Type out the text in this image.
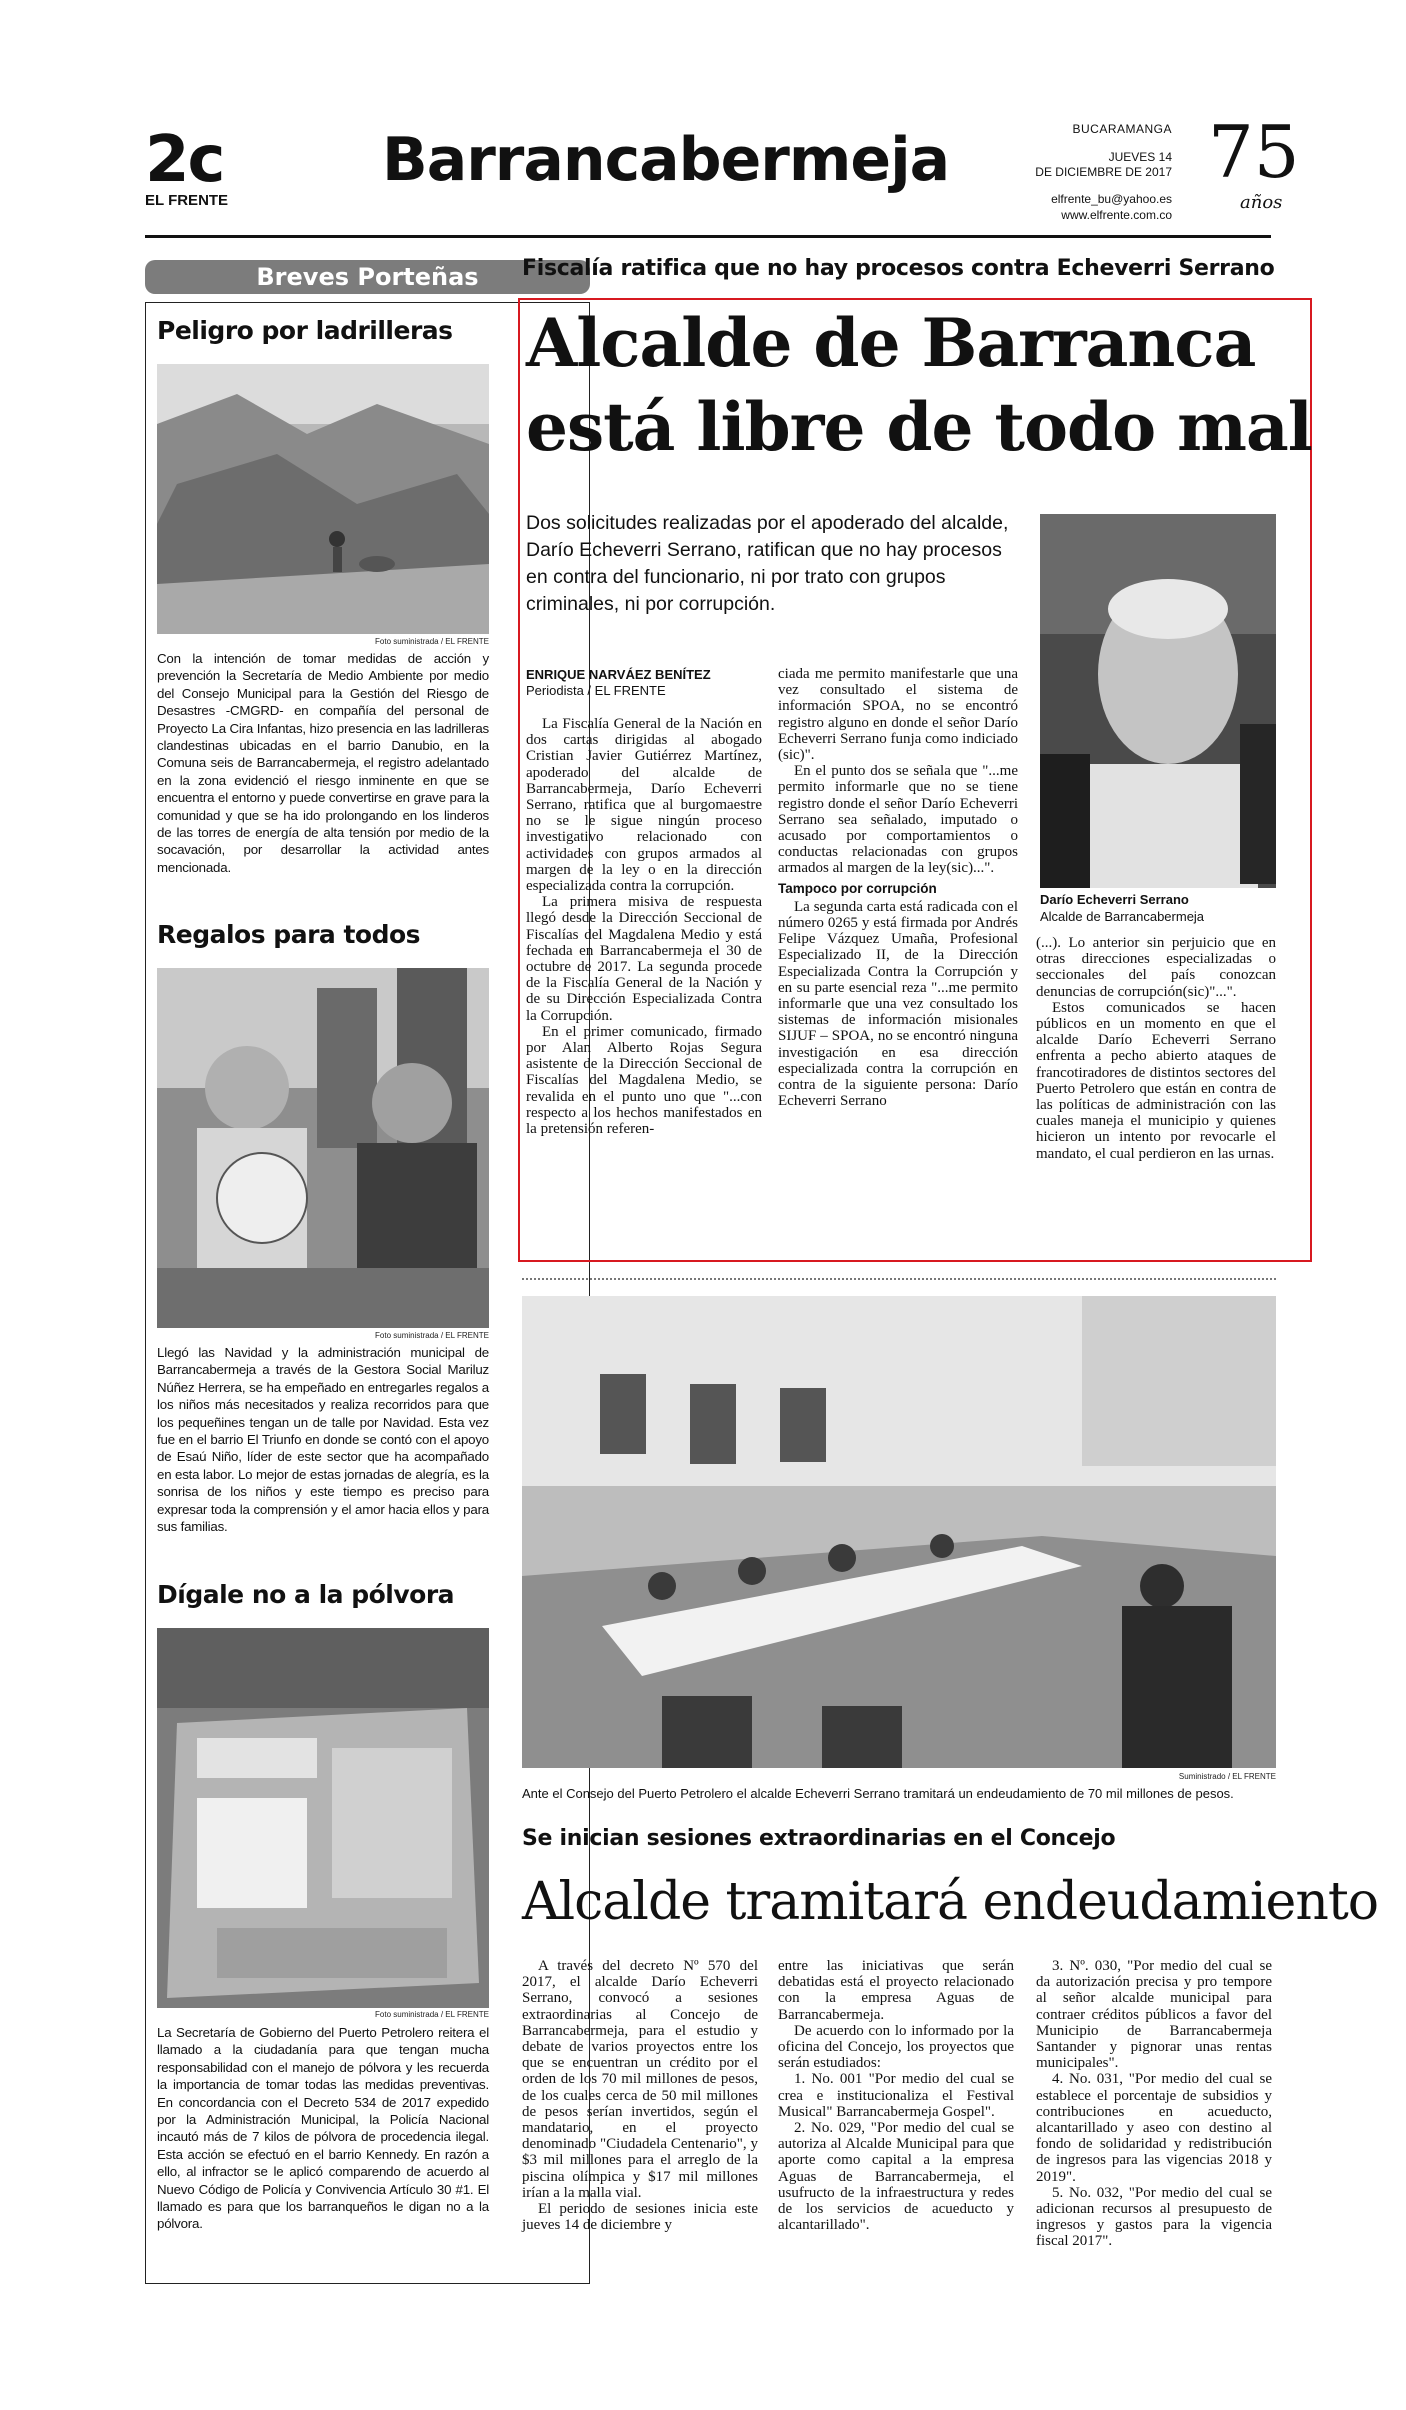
2c
EL FRENTE
Barrancabermeja	BUCARAMANGA
JUEVES 14
DE DICIEMBRE DE 2017
elfrente_bu@yahoo.es
www.elfrente.com.co
75
años
Breves Porteñas
Peligro por ladrilleras
Foto suministrada / EL FRENTE
Con la intención de tomar medidas de acción y prevención la Secretaría de Medio Ambiente por medio del Consejo Municipal para la Gestión del Riesgo de Desastres -CMGRD- en compañía del personal de Proyecto La Cira Infantas, hizo presencia en las ladrilleras clandestinas ubicadas en el barrio Danubio, en la Comuna seis de Barrancabermeja, el registro adelantado en la zona evidenció el riesgo inminente en que se encuentra el entorno y puede convertirse en grave para la comunidad y que se ha ido prolongando en los linderos de las torres de energía de alta tensión por medio de la socavación, por desarrollar la actividad antes mencionada.
Regalos para todos
Foto suministrada / EL FRENTE
Llegó las Navidad y la administración municipal de Barrancabermeja a través de la Gestora Social Mariluz Núñez Herrera, se ha empeñado en entregarles regalos a los niños más necesitados y realiza recorridos para que los pequeñines tengan un de talle por Navidad. Esta vez fue en el barrio El Triunfo en donde se contó con el apoyo de Esaú Niño, líder de este sector que ha acompañado en esta labor. Lo mejor de estas jornadas de alegría, es la sonrisa de los niños y este tiempo es preciso para expresar toda la comprensión y el amor hacia ellos y para sus familias.
Dígale no a la pólvora
Foto suministrada / EL FRENTE
La Secretaría de Gobierno del Puerto Petrolero reitera el llamado a la ciudadanía para que tengan mucha responsabilidad con el manejo de pólvora y les recuerda la importancia de tomar todas las medidas preventivas. En concordancia con el Decreto 534 de 2017 expedido por la Administración Municipal, la Policía Nacional incautó más de 7 kilos de pólvora de procedencia ilegal. Esta acción se efectuó en el barrio Kennedy. En razón a ello, al infractor se le aplicó comparendo de acuerdo al Nuevo Código de Policía y Convivencia Artículo 30 #1. El llamado es para que los barranqueños le digan no a la pólvora.
Fiscalía ratifica que no hay procesos contra Echeverri Serrano
Alcalde de Barranca
está libre de todo mal
Dos solicitudes realizadas por el apoderado del alcalde, Darío Echeverri Serrano, ratifican que no hay procesos en contra del funcionario, ni por trato con grupos criminales, ni por corrupción.
Darío Echeverri Serrano
Alcalde de Barrancabermeja
ENRIQUE NARVÁEZ BENÍTEZ
Periodista / EL FRENTE

La Fiscalía General de la Nación en dos cartas dirigidas al abogado Cristian Javier Gutiérrez Martínez, apoderado del alcalde de Barrancabermeja, Darío Echeverri Serrano, ratifica que al burgomaestre no se le sigue ningún proceso investigativo relacionado con actividades con grupos armados al margen de la ley o en la dirección especializada contra la corrupción.

La primera misiva de respuesta llegó desde la Dirección Seccional de Fiscalías del Magdalena Medio y está fechada en Barrancabermeja el 30 de octubre de 2017. La segunda procede de la Fiscalía General de la Nación y de su Dirección Especializada Contra la Corrupción.

En el primer comunicado, firmado por Alan Alberto Rojas Segura asistente de la Dirección Seccional de Fiscalías del Magdalena Medio, se revalida en el punto uno que "...con respecto a los hechos manifestados en la pretensión referen-

ciada me permito manifestarle que una vez consultado el sistema de información SPOA, no se encontró registro alguno en donde el señor Darío Echeverri Serrano funja como indiciado (sic)".

En el punto dos se señala que "...me permito informarle que no se tiene registro donde el señor Darío Echeverri Serrano sea señalado, imputado o acusado por comportamientos o conductas relacionadas con grupos armados al margen de la ley(sic)...".

Tampoco por corrupción

La segunda carta está radicada con el número 0265 y está firmada por Andrés Felipe Vázquez Umaña, Profesional Especializado II, de la Dirección Especializada Contra la Corrupción y en su parte esencial reza "...me permito informarle que una vez consultado los sistemas de información misionales SIJUF – SPOA, no se encontró ninguna investigación en esa dirección especializada contra la corrupción en contra de la siguiente persona: Darío Echeverri Serrano

(...). Lo anterior sin perjuicio que en otras direcciones especializadas o seccionales del país conozcan denuncias de corrupción(sic)"...".

Estos comunicados se hacen públicos en un momento en que el alcalde Darío Echeverri Serrano enfrenta a pecho abierto ataques de francotiradores de distintos sectores del Puerto Petrolero que están en contra de las políticas de administración con las cuales maneja el municipio y quienes hicieron un intento por revocarle el mandato, el cual perdieron en las urnas.

Suministrado / EL FRENTE
Ante el Consejo del Puerto Petrolero el alcalde Echeverri Serrano tramitará un endeudamiento de 70 mil millones de pesos.
Se inician sesiones extraordinarias en el Concejo
Alcalde tramitará endeudamiento

A través del decreto Nº 570 del 2017, el alcalde Darío Echeverri Serrano, convocó a sesiones extraordinarias al Concejo de Barrancabermeja, para el estudio y debate de varios proyectos entre los que se encuentran un crédito por el orden de los 70 mil millones de pesos, de los cuales cerca de 50 mil millones de pesos serían invertidos, según el mandatario, en el proyecto denominado "Ciudadela Centenario", y $3 mil millones para el arreglo de la piscina olímpica y $17 mil millones irían a la malla vial.

El periodo de sesiones inicia este jueves 14 de diciembre y

entre las iniciativas que serán debatidas está el proyecto relacionado con la empresa Aguas de Barrancabermeja.

De acuerdo con lo informado por la oficina del Concejo, los proyectos que serán estudiados:

1. No. 001 "Por medio del cual se crea e institucionaliza el Festival Musical" Barrancabermeja Gospel".

2. No. 029, "Por medio del cual se autoriza al Alcalde Municipal para que aporte como capital a la empresa Aguas de Barrancabermeja, el usufructo de la infraestructura y redes de los servicios de acueducto y alcantarillado".

3. Nº. 030, "Por medio del cual se da autorización precisa y pro tempore al señor alcalde municipal para contraer créditos públicos a favor del Municipio de Barrancabermeja Santander y pignorar unas rentas municipales".

4. No. 031, "Por medio del cual se establece el porcentaje de subsidios y contribuciones en acueducto, alcantarillado y aseo con destino al fondo de solidaridad y redistribución de ingresos para las vigencias 2018 y 2019".

5. No. 032, "Por medio del cual se adicionan recursos al presupuesto de ingresos y gastos para la vigencia fiscal 2017".
